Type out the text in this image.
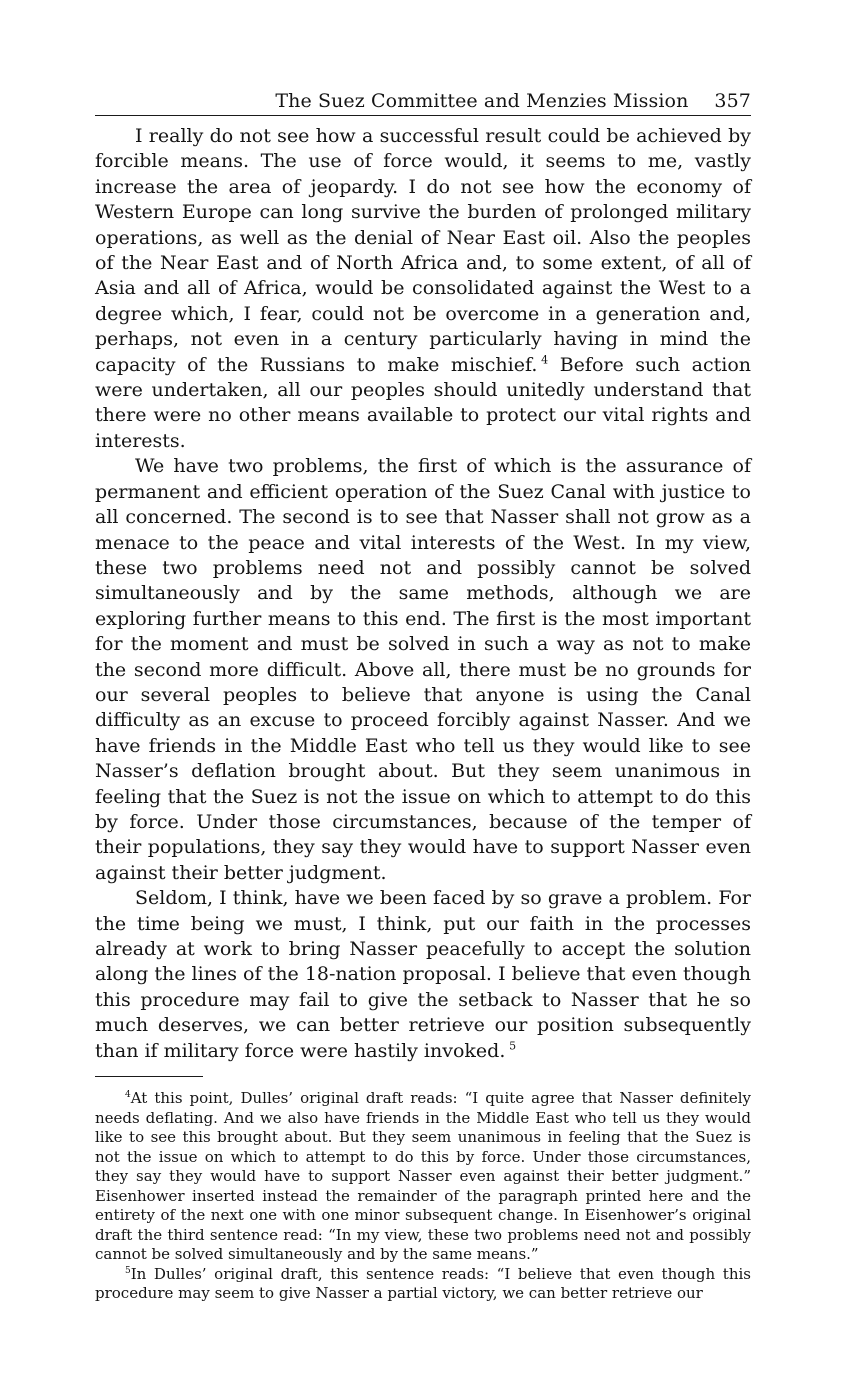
The Suez Committee and Menzies Mission 357

I really do not see how a successful result could be achieved by forcible means. The use of force would, it seems to me, vastly increase the area of jeopardy. I do not see how the economy of Western Europe can long survive the burden of prolonged military operations, as well as the denial of Near East oil. Also the peoples of the Near East and of North Africa and, to some extent, of all of Asia and all of Africa, would be consolidated against the West to a degree which, I fear, could not be overcome in a generation and, perhaps, not even in a century particularly having in mind the capacity of the Russians to make mischief.  $^4$ Before such action were undertaken, all our peoples should unitedly understand that there were no other means available to protect our vital rights and interests.

We have two problems, the first of which is the assurance of permanent and efficient operation of the Suez Canal with justice to all concerned. The second is to see that Nasser shall not grow as a menace to the peace and vital interests of the West. In my view, these two problems need not and possibly cannot be solved simultaneously and by the same methods, although we are exploring further means to this end. The first is the most important for the moment and must be solved in such a way as not to make the second more difficult. Above all, there must be no grounds for our several peoples to believe that anyone is using the Canal difficulty as an excuse to proceed forcibly against Nasser. And we have friends in the Middle East who tell us they would like to see Nasser’s deflation brought about. But they seem unanimous in feeling that the Suez is not the issue on which to attempt to do this by force. Under those circumstances, because of the temper of their populations, they say they would have to support Nasser even against their better judgment.

Seldom, I think, have we been faced by so grave a problem. For the time being we must, I think, put our faith in the processes already at work to bring Nasser peacefully to accept the solution along the lines of the 18-nation proposal. I believe that even though this procedure may fail to give the setback to Nasser that he so much deserves, we can better retrieve our position subsequently than if military force were hastily invoked.  $^5$

$^4$At this point, Dulles’ original draft reads: “I quite agree that Nasser definitely needs deflating. And we also have friends in the Middle East who tell us they would like to see this brought about. But they seem unanimous in feeling that the Suez is not the issue on which to attempt to do this by force. Under those circumstances, they say they would have to support Nasser even against their better judgment.” Eisenhower inserted instead the remainder of the paragraph printed here and the entirety of the next one with one minor subsequent change. In Eisenhower’s original draft the third sentence read: “In my view, these two problems need not and possibly cannot be solved simultaneously and by the same means.”

$^5$In Dulles’ original draft, this sentence reads: “I believe that even though this procedure may seem to give Nasser a partial victory, we can better retrieve our
